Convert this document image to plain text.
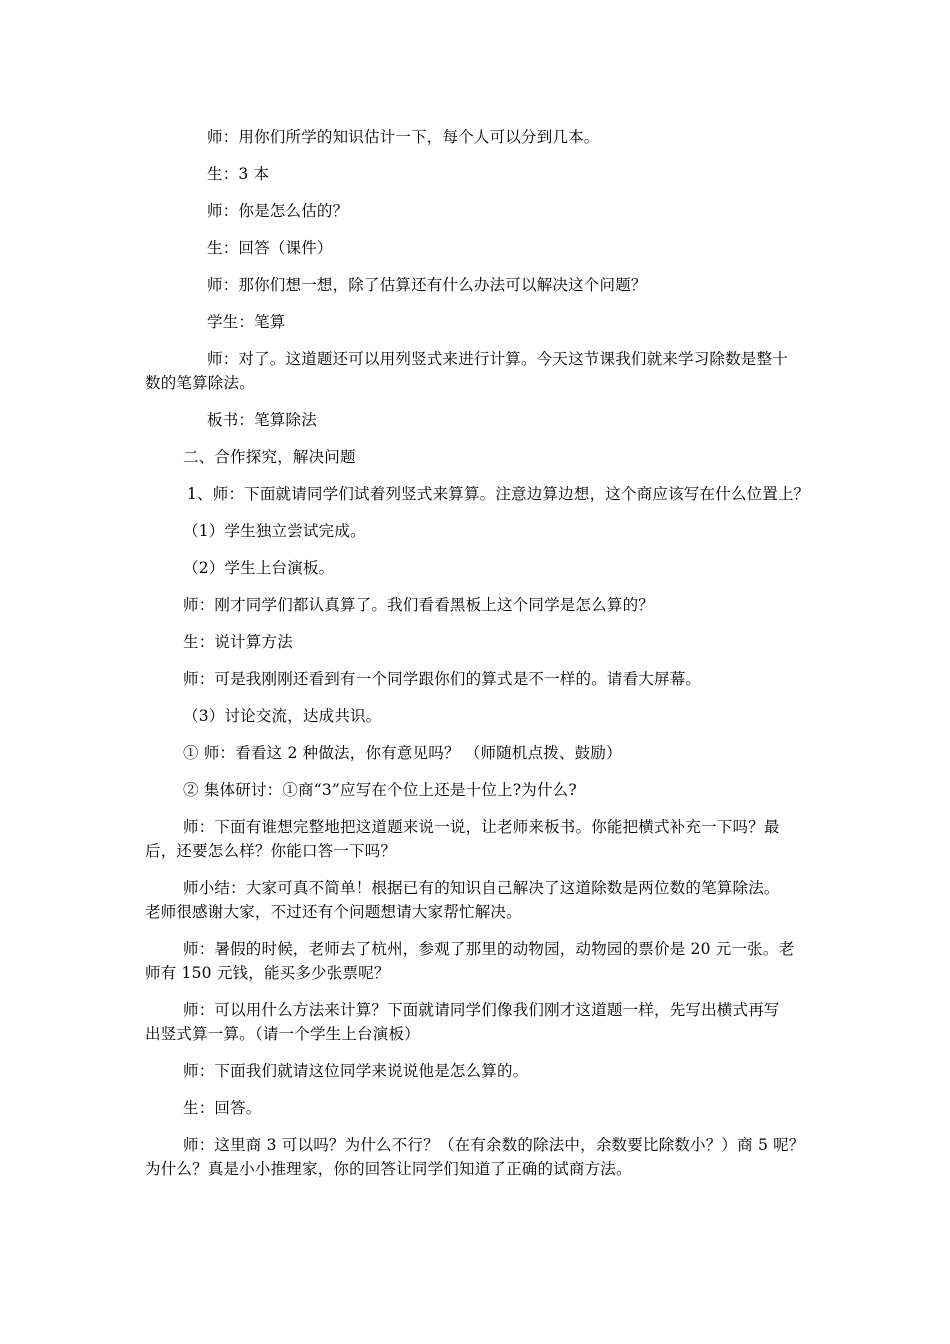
师：用你们所学的知识估计一下，每个人可以分到几本。
生：3 本
师：你是怎么估的？
生：回答（课件）
师：那你们想一想，除了估算还有什么办法可以解决这个问题？
学生：笔算
师：对了。这道题还可以用列竖式来进行计算。今天这节课我们就来学习除数是整十
数的笔算除法。
板书：笔算除法
二、合作探究，解决问题
1、师：下面就请同学们试着列竖式来算算。注意边算边想，这个商应该写在什么位置上？
（1）学生独立尝试完成。
（2）学生上台演板。
师：刚才同学们都认真算了。我们看看黑板上这个同学是怎么算的？
生：说计算方法
师：可是我刚刚还看到有一个同学跟你们的算式是不一样的。请看大屏幕。
（3）讨论交流，达成共识。
① 师：看看这 2 种做法，你有意见吗？ （师随机点拨、鼓励）
② 集体研讨：①商“3”应写在个位上还是十位上?为什么?
师：下面有谁想完整地把这道题来说一说，让老师来板书。你能把横式补充一下吗？最
后，还要怎么样？你能口答一下吗？
师小结：大家可真不简单！根据已有的知识自己解决了这道除数是两位数的笔算除法。
老师很感谢大家，不过还有个问题想请大家帮忙解决。
师：暑假的时候，老师去了杭州，参观了那里的动物园，动物园的票价是 20 元一张。老
师有 150 元钱，能买多少张票呢？
师：可以用什么方法来计算？下面就请同学们像我们刚才这道题一样，先写出横式再写
出竖式算一算。（请一个学生上台演板）
师：下面我们就请这位同学来说说他是怎么算的。
生：回答。
师：这里商 3 可以吗？为什么不行？（在有余数的除法中，余数要比除数小？）商 5 呢？
为什么？真是小小推理家，你的回答让同学们知道了正确的试商方法。
